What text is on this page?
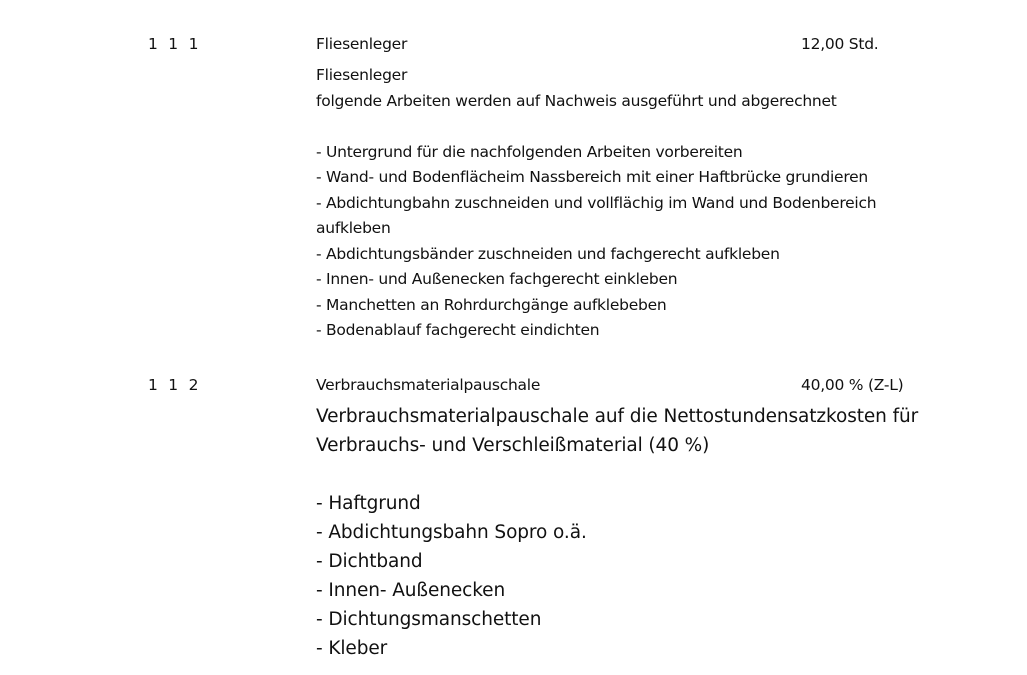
1 1 1	Fliesenleger	12,00 Std.
Fliesenleger
folgende Arbeiten werden auf Nachweis ausgeführt und abgerechnet
- Untergrund für die nachfolgenden Arbeiten vorbereiten
- Wand- und Bodenflächeim Nassbereich mit einer Haftbrücke grundieren
- Abdichtungbahn zuschneiden und vollflächig im Wand und Bodenbereich
aufkleben
- Abdichtungsbänder zuschneiden und fachgerecht aufkleben
- Innen- und Außenecken fachgerecht einkleben
- Manchetten an Rohrdurchgänge aufklebeben
- Bodenablauf fachgerecht eindichten
1 1 2	Verbrauchsmaterialpauschale	40,00 % (Z-L)
Verbrauchsmaterialpauschale auf die Nettostundensatzkosten für
Verbrauchs- und Verschleißmaterial (40 %)
- Haftgrund
- Abdichtungsbahn Sopro o.ä.
- Dichtband
- Innen- Außenecken
- Dichtungsmanschetten
- Kleber
